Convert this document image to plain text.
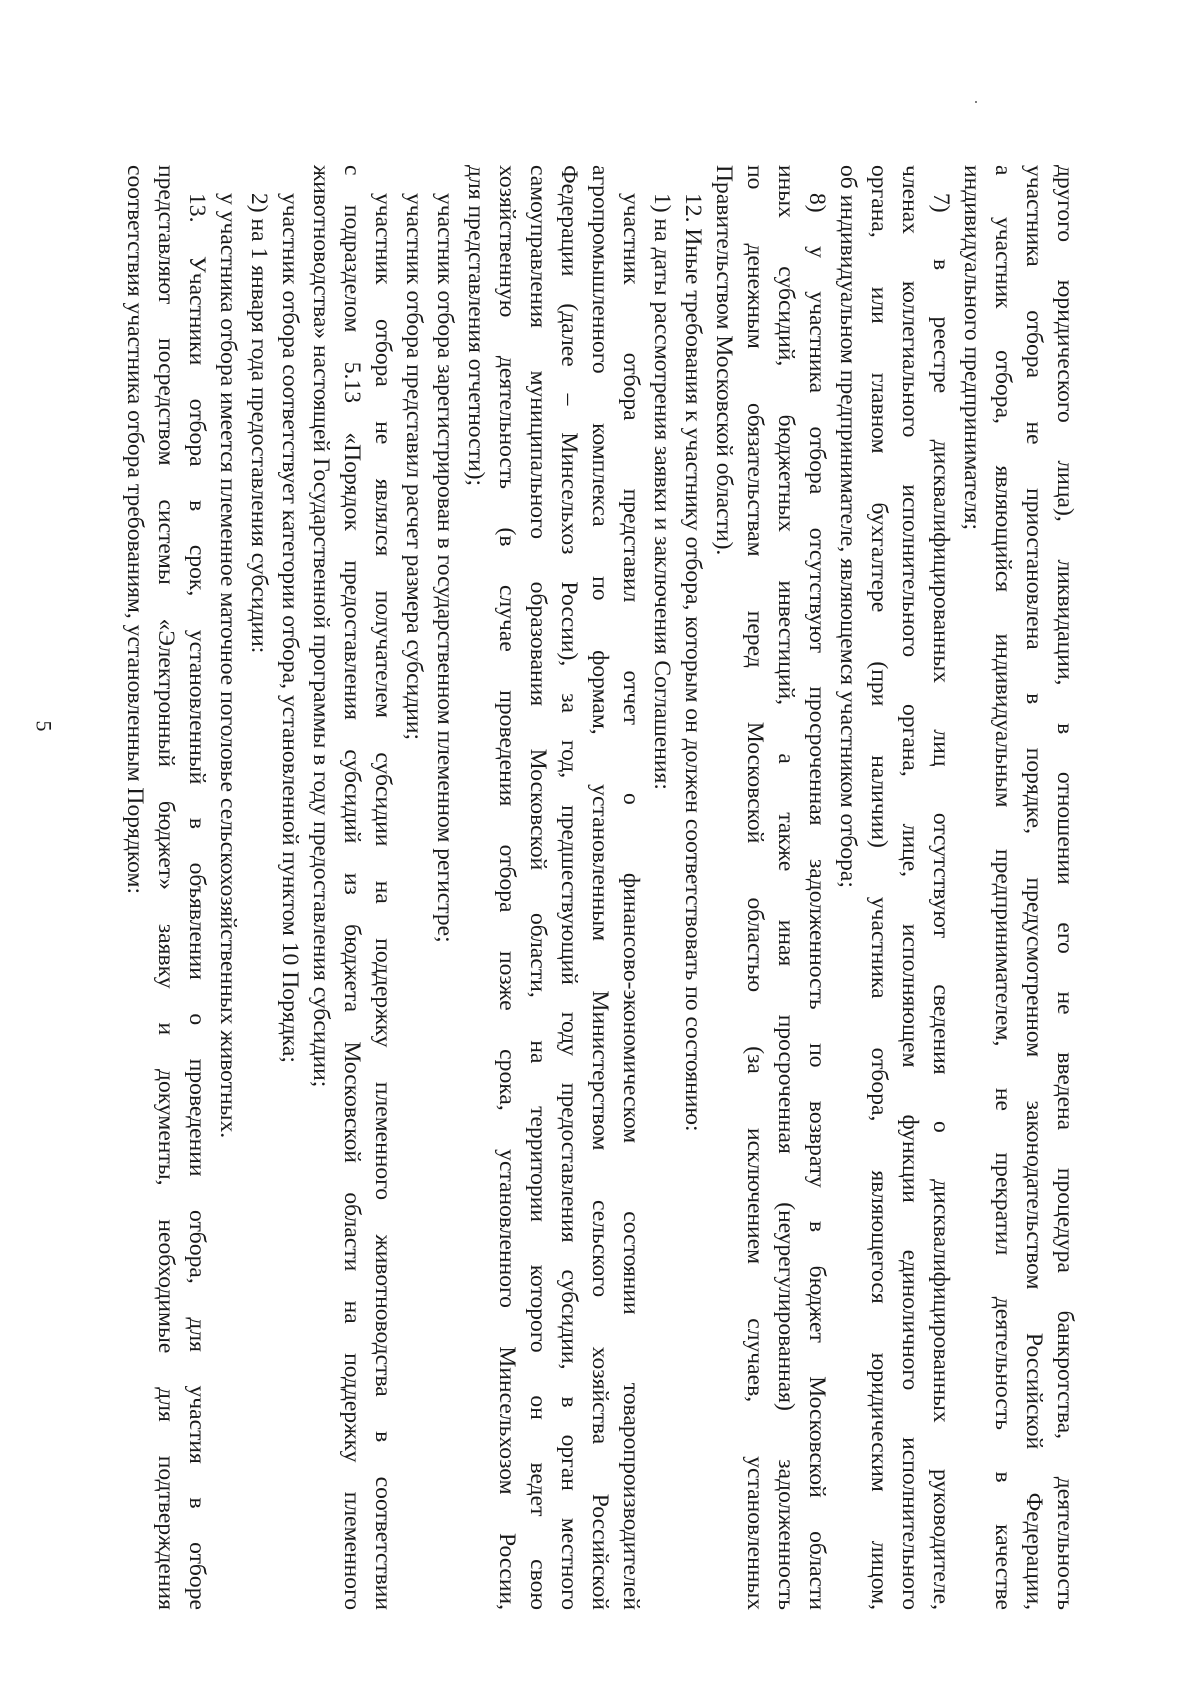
5	другого юридического лица), ликвидации, в отношении его не введена процедура банкротства, деятельность
участника отбора не приостановлена в порядке, предусмотренном законодательством Российской Федерации,
а участник отбора, являющийся индивидуальным предпринимателем, не прекратил деятельность в качестве
индивидуального предпринимателя;
7) в реестре дисквалифицированных лиц отсутствуют сведения о дисквалифицированных руководителе,
членах коллегиального исполнительного органа, лице, исполняющем функции единоличного исполнительного
органа, или главном бухгалтере (при наличии) участника отбора, являющегося юридическим лицом,
об индивидуальном предпринимателе, являющемся участником отбора;
8) у участника отбора отсутствуют просроченная задолженность по возврату в бюджет Московской области
иных субсидий, бюджетных инвестиций, а также иная просроченная (неурегулированная) задолженность
по денежным обязательствам перед Московской областью (за исключением случаев, установленных
Правительством Московской области).
12. Иные требования к участнику отбора, которым он должен соответствовать по состоянию:
1) на даты рассмотрения заявки и заключения Соглашения:
участник отбора представил отчет о финансово-экономическом состоянии товаропроизводителей
агропромышленного комплекса по формам, установленным Министерством сельского хозяйства Российской
Федерации (далее – Минсельхоз России), за год, предшествующий году предоставления субсидии, в орган местного
самоуправления муниципального образования Московской области, на территории которого он ведет свою
хозяйственную деятельность (в случае проведения отбора позже срока, установленного Минсельхозом России,
для представления отчетности);
участник отбора зарегистрирован в государственном племенном регистре;
участник отбора представил расчет размера субсидии;
участник отбора не являлся получателем субсидии на поддержку племенного животноводства в соответствии
с подразделом 5.13 «Порядок предоставления субсидий из бюджета Московской области на поддержку племенного
животноводства» настоящей Государственной программы в году предоставления субсидии;
участник отбора соответствует категории отбора, установленной пунктом 10 Порядка;
2) на 1 января года предоставления субсидии:
у участника отбора имеется племенное маточное поголовье сельскохозяйственных животных.
13. Участники отбора в срок, установленный в объявлении о проведении отбора, для участия в отборе
представляют посредством системы «Электронный бюджет» заявку и документы, необходимые для подтверждения
соответствия участника отбора требованиям, установленным Порядком:
